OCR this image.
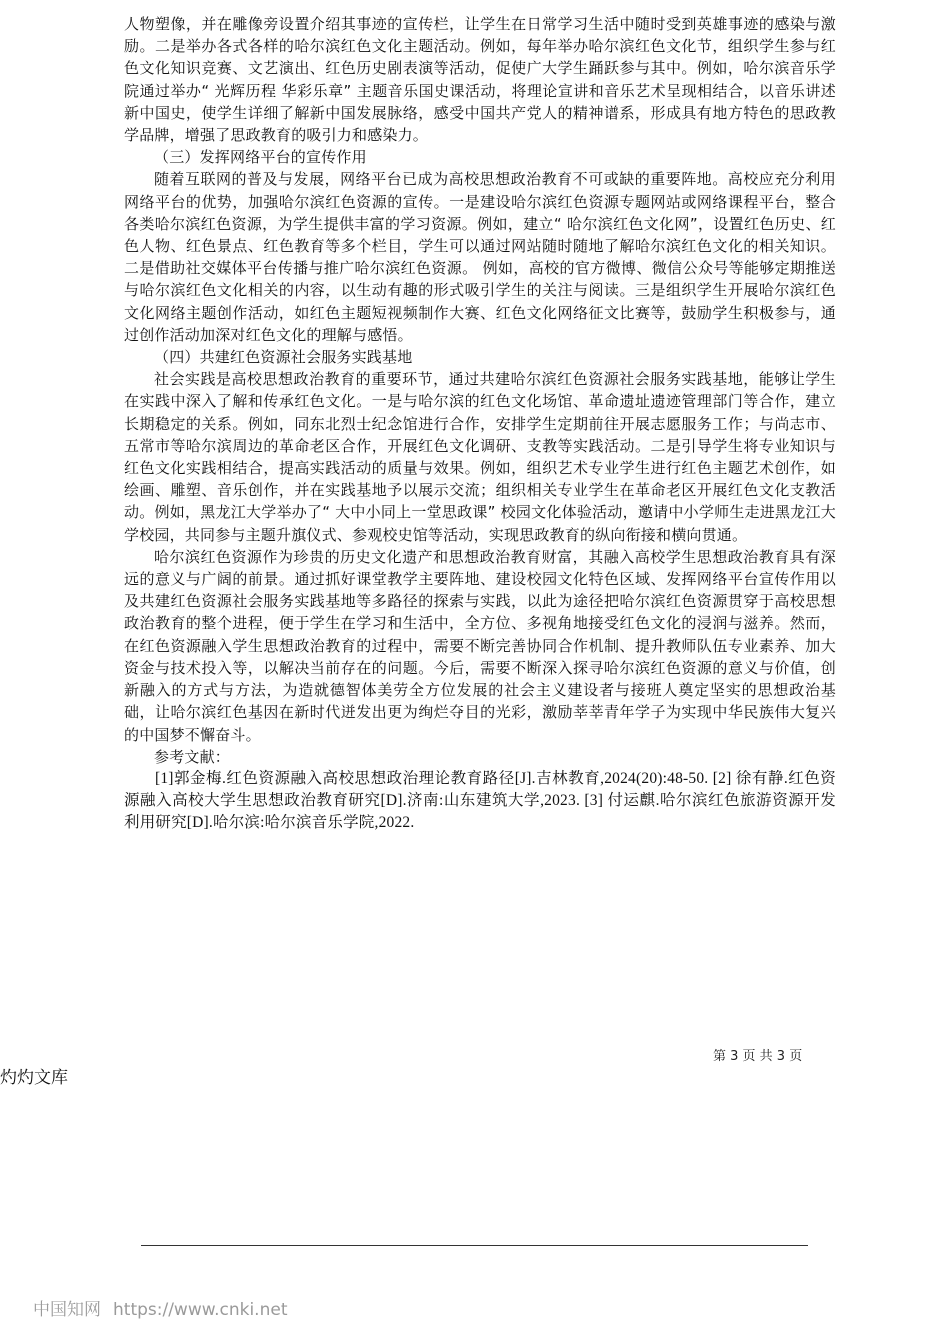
人物塑像，并在雕像旁设置介绍其事迹的宣传栏，让学生在日常学习生活中随时受到英雄事迹的感染与激励。二是举办各式各样的哈尔滨红色文化主题活动。例如，每年举办哈尔滨红色文化节，组织学生参与红色文化知识竞赛、文艺演出、红色历史剧表演等活动，促使广大学生踊跃参与其中。例如，哈尔滨音乐学院通过举办“ 光辉历程 华彩乐章” 主题音乐国史课活动，将理论宣讲和音乐艺术呈现相结合，以音乐讲述新中国史，使学生详细了解新中国发展脉络，感受中国共产党人的精神谱系，形成具有地方特色的思政教学品牌，增强了思政教育的吸引力和感染力。

（三）发挥网络平台的宣传作用

随着互联网的普及与发展，网络平台已成为高校思想政治教育不可或缺的重要阵地。高校应充分利用网络平台的优势，加强哈尔滨红色资源的宣传。一是建设哈尔滨红色资源专题网站或网络课程平台，整合各类哈尔滨红色资源，为学生提供丰富的学习资源。例如，建立“ 哈尔滨红色文化网”，设置红色历史、红色人物、红色景点、红色教育等多个栏目，学生可以通过网站随时随地了解哈尔滨红色文化的相关知识。 二是借助社交媒体平台传播与推广哈尔滨红色资源。 例如，高校的官方微博、微信公众号等能够定期推送与哈尔滨红色文化相关的内容，以生动有趣的形式吸引学生的关注与阅读。三是组织学生开展哈尔滨红色文化网络主题创作活动，如红色主题短视频制作大赛、红色文化网络征文比赛等，鼓励学生积极参与，通过创作活动加深对红色文化的理解与感悟。

（四）共建红色资源社会服务实践基地

社会实践是高校思想政治教育的重要环节，通过共建哈尔滨红色资源社会服务实践基地，能够让学生在实践中深入了解和传承红色文化。一是与哈尔滨的红色文化场馆、革命遗址遗迹管理部门等合作，建立长期稳定的关系。例如，同东北烈士纪念馆进行合作，安排学生定期前往开展志愿服务工作；与尚志市、五常市等哈尔滨周边的革命老区合作，开展红色文化调研、支教等实践活动。二是引导学生将专业知识与红色文化实践相结合，提高实践活动的质量与效果。例如，组织艺术专业学生进行红色主题艺术创作，如绘画、雕塑、音乐创作，并在实践基地予以展示交流；组织相关专业学生在革命老区开展红色文化支教活动。例如，黑龙江大学举办了“ 大中小同上一堂思政课” 校园文化体验活动，邀请中小学师生走进黑龙江大学校园，共同参与主题升旗仪式、参观校史馆等活动，实现思政教育的纵向衔接和横向贯通。

哈尔滨红色资源作为珍贵的历史文化遗产和思想政治教育财富，其融入高校学生思想政治教育具有深远的意义与广阔的前景。通过抓好课堂教学主要阵地、建设校园文化特色区域、发挥网络平台宣传作用以及共建红色资源社会服务实践基地等多路径的探索与实践，以此为途径把哈尔滨红色资源贯穿于高校思想政治教育的整个进程，便于学生在学习和生活中，全方位、多视角地接受红色文化的浸润与滋养。然而，在红色资源融入学生思想政治教育的过程中，需要不断完善协同合作机制、提升教师队伍专业素养、加大资金与技术投入等，以解决当前存在的问题。今后，需要不断深入探寻哈尔滨红色资源的意义与价值，创新融入的方式与方法，为造就德智体美劳全方位发展的社会主义建设者与接班人奠定坚实的思想政治基础，让哈尔滨红色基因在新时代迸发出更为绚烂夺目的光彩，激励莘莘青年学子为实现中华民族伟大复兴的中国梦不懈奋斗。

参考文献：

[1]郭金梅.红色资源融入高校思想政治理论教育路径[J].吉林教育,2024(20):48-50. [2] 徐有静.红色资源融入高校大学生思想政治教育研究[D].济南:山东建筑大学,2023. [3] 付运麒.哈尔滨红色旅游资源开发利用研究[D].哈尔滨:哈尔滨音乐学院,2022.

第 3 页 共 3 页
灼灼文库
中国知网 https://www.cnki.net
